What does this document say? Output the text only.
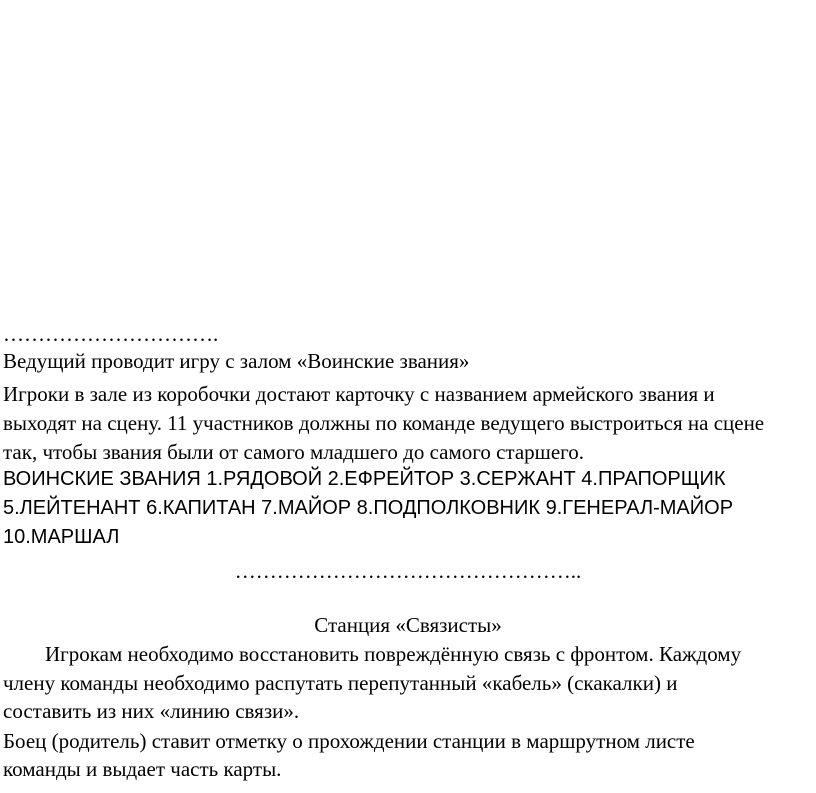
………………………….
Ведущий проводит игру с залом «Воинские звания»
Игроки в зале из коробочки достают карточку с названием армейского звания и
выходят на сцену. 11 участников должны по команде ведущего выстроиться на сцене
так, чтобы звания были от самого младшего до самого старшего.
ВОИНСКИЕ ЗВАНИЯ 1.РЯДОВОЙ 2.ЕФРЕЙТОР 3.СЕРЖАНТ 4.ПРАПОРЩИК
5.ЛЕЙТЕНАНТ 6.КАПИТАН 7.МАЙОР 8.ПОДПОЛКОВНИК 9.ГЕНЕРАЛ-МАЙОР
10.МАРШАЛ
…………………………………………..
Станция «Связисты»
Игрокам необходимо восстановить повреждённую связь с фронтом. Каждому
члену команды необходимо распутать перепутанный «кабель» (скакалки) и
составить из них «линию связи».
Боец (родитель) ставит отметку о прохождении станции в маршрутном листе
команды и выдает часть карты.
